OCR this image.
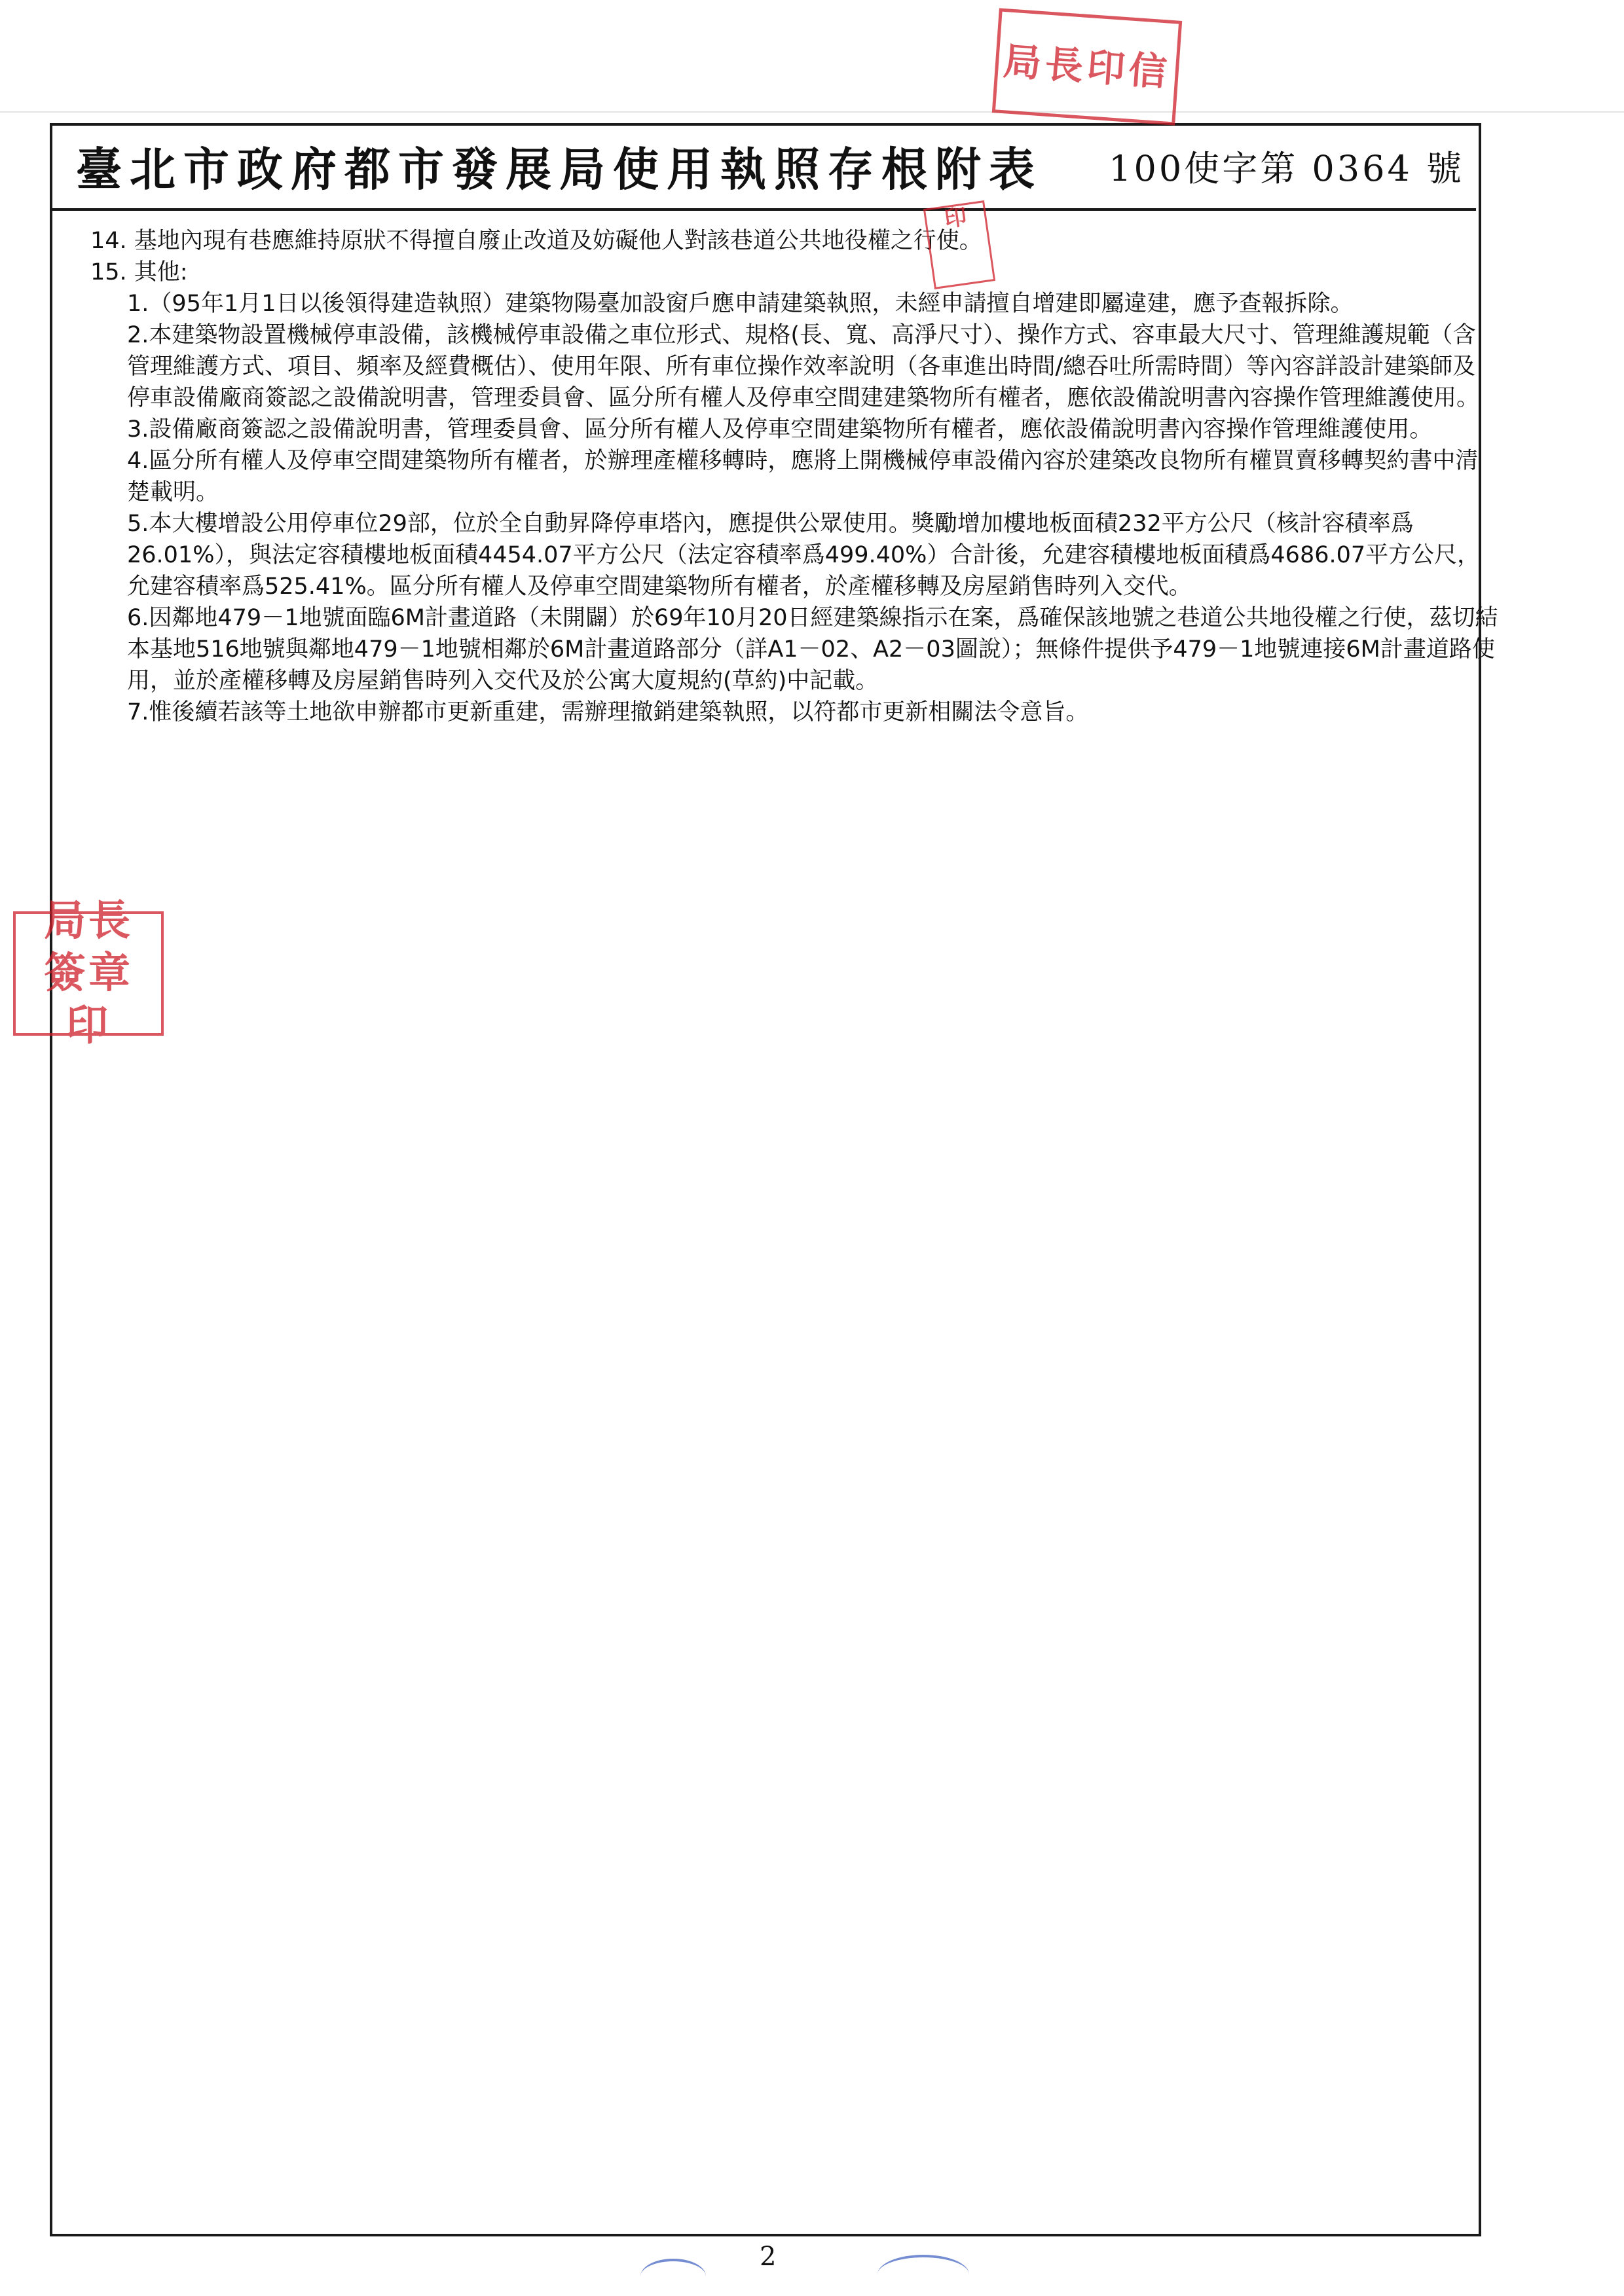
臺北市政府都市發展局使用執照存根附表 100使字第 0364 號

14. 基地內現有巷應維持原狀不得擅自廢止改道及妨礙他人對該巷道公共地役權之行使。

15. 其他:

1.（95年1月1日以後領得建造執照）建築物陽臺加設窗戶應申請建築執照，未經申請擅自增建即屬違建，應予查報拆除。

2.本建築物設置機械停車設備，該機械停車設備之車位形式、規格(長、寬、高淨尺寸）、操作方式、容車最大尺寸、管理維護規範（含管理維護方式、項目、頻率及經費概估）、使用年限、所有車位操作效率說明（各車進出時間/總吞吐所需時間）等內容詳設計建築師及停車設備廠商簽認之設備說明書，管理委員會、區分所有權人及停車空間建建築物所有權者，應依設備說明書內容操作管理維護使用。

3.設備廠商簽認之設備說明書，管理委員會、區分所有權人及停車空間建築物所有權者，應依設備說明書內容操作管理維護使用。

4.區分所有權人及停車空間建築物所有權者，於辦理產權移轉時，應將上開機械停車設備內容於建築改良物所有權買賣移轉契約書中清楚載明。

5.本大樓增設公用停車位29部，位於全自動昇降停車塔內，應提供公眾使用。獎勵增加樓地板面積232平方公尺（核計容積率爲26.01%），與法定容積樓地板面積4454.07平方公尺（法定容積率爲499.40%）合計後，允建容積樓地板面積爲4686.07平方公尺，允建容積率爲525.41%。區分所有權人及停車空間建築物所有權者，於產權移轉及房屋銷售時列入交代。

6.因鄰地479－1地號面臨6M計畫道路（未開闢）於69年10月20日經建築線指示在案，爲確保該地號之巷道公共地役權之行使，茲切結本基地516地號與鄰地479－1地號相鄰於6M計畫道路部分（詳A1－02、A2－03圖說）；無條件提供予479－1地號連接6M計畫道路使用，並於產權移轉及房屋銷售時列入交代及於公寓大廈規約(草約)中記載。

7.惟後續若該等土地欲申辦都市更新重建，需辦理撤銷建築執照，以符都市更新相關法令意旨。

局長印信
印
局長 簽章 印
2
